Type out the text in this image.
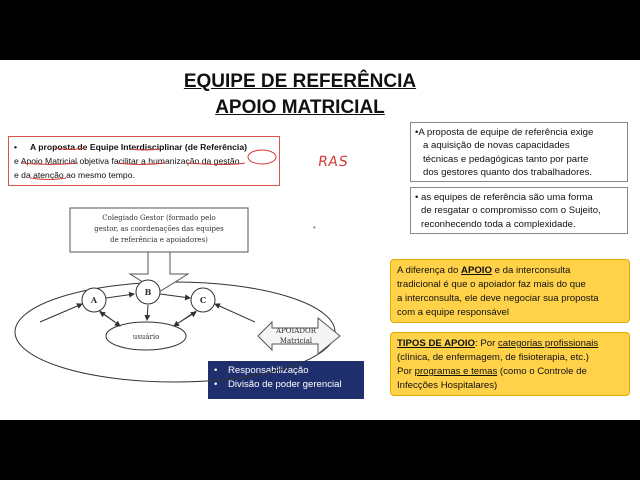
EQUIPE DE REFERÊNCIA
APOIO MATRICIAL
• A proposta de Equipe Interdisciplinar (de Referência)
e Apoio Matricial objetiva facilitar a humanização da gestão
e da atenção ao mesmo tempo.
RAS
•A proposta de equipe de referência exige
a aquisição de novas capacidades
técnicas e pedagógicas tanto por parte
dos gestores quanto dos trabalhadores.
• as equipes de referência são uma forma
de resgatar o compromisso com o Sujeito,
reconhecendo toda a complexidade.
A diferença do APOIO e da interconsulta
tradicional é que o apoiador faz mais do que
a interconsulta, ele deve negociar sua proposta
com a equipe responsável
TIPOS DE APOIO: Por categorias profissionais
(clínica, de enfermagem, de fisioterapia, etc.)
Por programas e temas (como o Controle de
Infecções Hospitalares)
• Responsabilização
• Divisão de poder gerencial
*
Colegiado Gestor (formado pelo
gestor, as coordenações das equipes
de referência e apoiadores)
A
B
C
usuário
APOIADOR
Matricial
